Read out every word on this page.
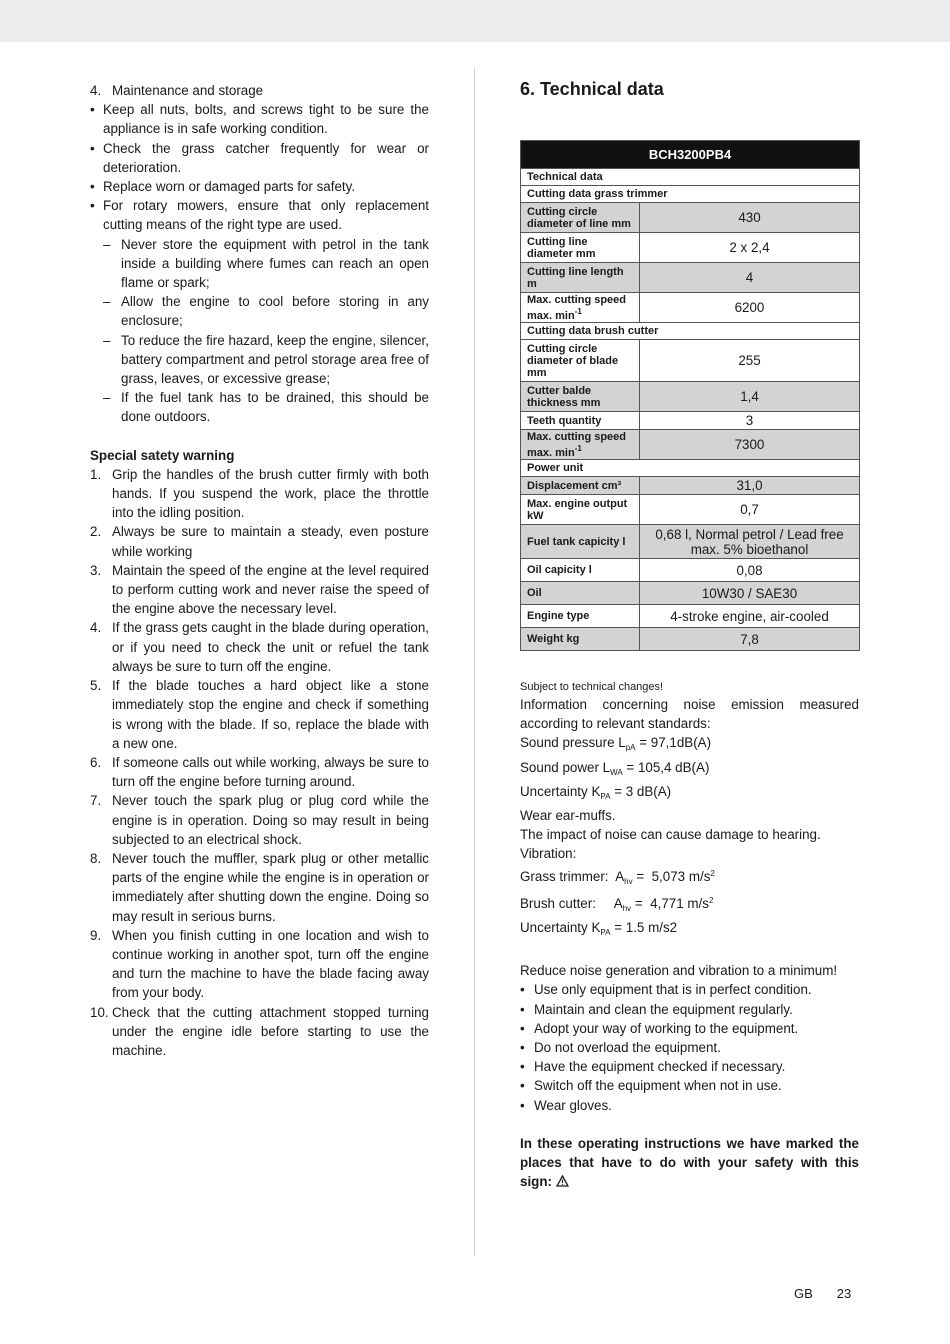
4. Maintenance and storage
• Keep all nuts, bolts, and screws tight to be sure the appliance is in safe working condition.
• Check the grass catcher frequently for wear or deterioration.
• Replace worn or damaged parts for safety.
• For rotary mowers, ensure that only replacement cutting means of the right type are used.
– Never store the equipment with petrol in the tank inside a building where fumes can reach an open flame or spark;
– Allow the engine to cool before storing in any enclosure;
– To reduce the fire hazard, keep the engine, silencer, battery compartment and petrol storage area free of grass, leaves, or excessive grease;
– If the fuel tank has to be drained, this should be done outdoors.
Special satety warning
1. Grip the handles of the brush cutter firmly with both hands. If you suspend the work, place the throttle into the idling position.
2. Always be sure to maintain a steady, even posture while working
3. Maintain the speed of the engine at the level required to perform cutting work and never raise the speed of the engine above the necessary level.
4. If the grass gets caught in the blade during operation, or if you need to check the unit or refuel the tank always be sure to turn off the engine.
5. If the blade touches a hard object like a stone immediately stop the engine and check if something is wrong with the blade. If so, replace the blade with a new one.
6. If someone calls out while working, always be sure to turn off the engine before turning around.
7. Never touch the spark plug or plug cord while the engine is in operation. Doing so may result in being subjected to an electrical shock.
8. Never touch the muffler, spark plug or other metallic parts of the engine while the engine is in operation or immediately after shutting down the engine. Doing so may result in serious burns.
9. When you finish cutting in one location and wish to continue working in another spot, turn off the engine and turn the machine to have the blade facing away from your body.
10. Check that the cutting attachment stopped turning under the engine idle before starting to use the machine.
6. Technical data
BCH3200PB4	
Technical data	
Cutting data grass trimmer	
Cutting circle diameter of line mm	430
Cutting line diameter mm	2 x 2,4
Cutting line length m	4
Max. cutting speed max. $\min^{-1}$	6200
Cutting data brush cutter	
Cutting circle diameter of blade mm	255
Cutter balde thickness mm	1,4
Teeth quantity	3
Max. cutting speed max. $\min^{-1}$	7300
Power unit	
Displacement cm³	31,0
Max. engine output kW	0,7
Fuel tank capicity l	0,68 l, Normal petrol / Lead free max. 5% bioethanol
Oil capicity l	0,08
Oil	10W30 / SAE30
Engine type	4-stroke engine, air-cooled
Weight kg	7,8
Subject to technical changes!
Information concerning noise emission measured according to relevant standards:
Sound pressure $L_{pA} = 97,1dB(A)$
Sound power $L_{WA} = 105,4$ dB(A)
Uncertainty $K_{PA} = 3$ dB(A)
Wear ear-muffs.
The impact of noise can cause damage to hearing.
Vibration:
Grass trimmer:  $A_{hv} = 5,073$ $m/s^2$
Brush cutter:     $A_{hv} = 4,771$ $m/s^2$
Uncertainty $K_{PA} = 1.5$ m/s2
Reduce noise generation and vibration to a minimum!
• Use only equipment that is in perfect condition.
• Maintain and clean the equipment regularly.
• Adopt your way of working to the equipment.
• Do not overload the equipment.
• Have the equipment checked if necessary.
• Switch off the equipment when not in use.
• Wear gloves.
In these operating instructions we have marked the places that have to do with your safety with this sign:
GB 23
